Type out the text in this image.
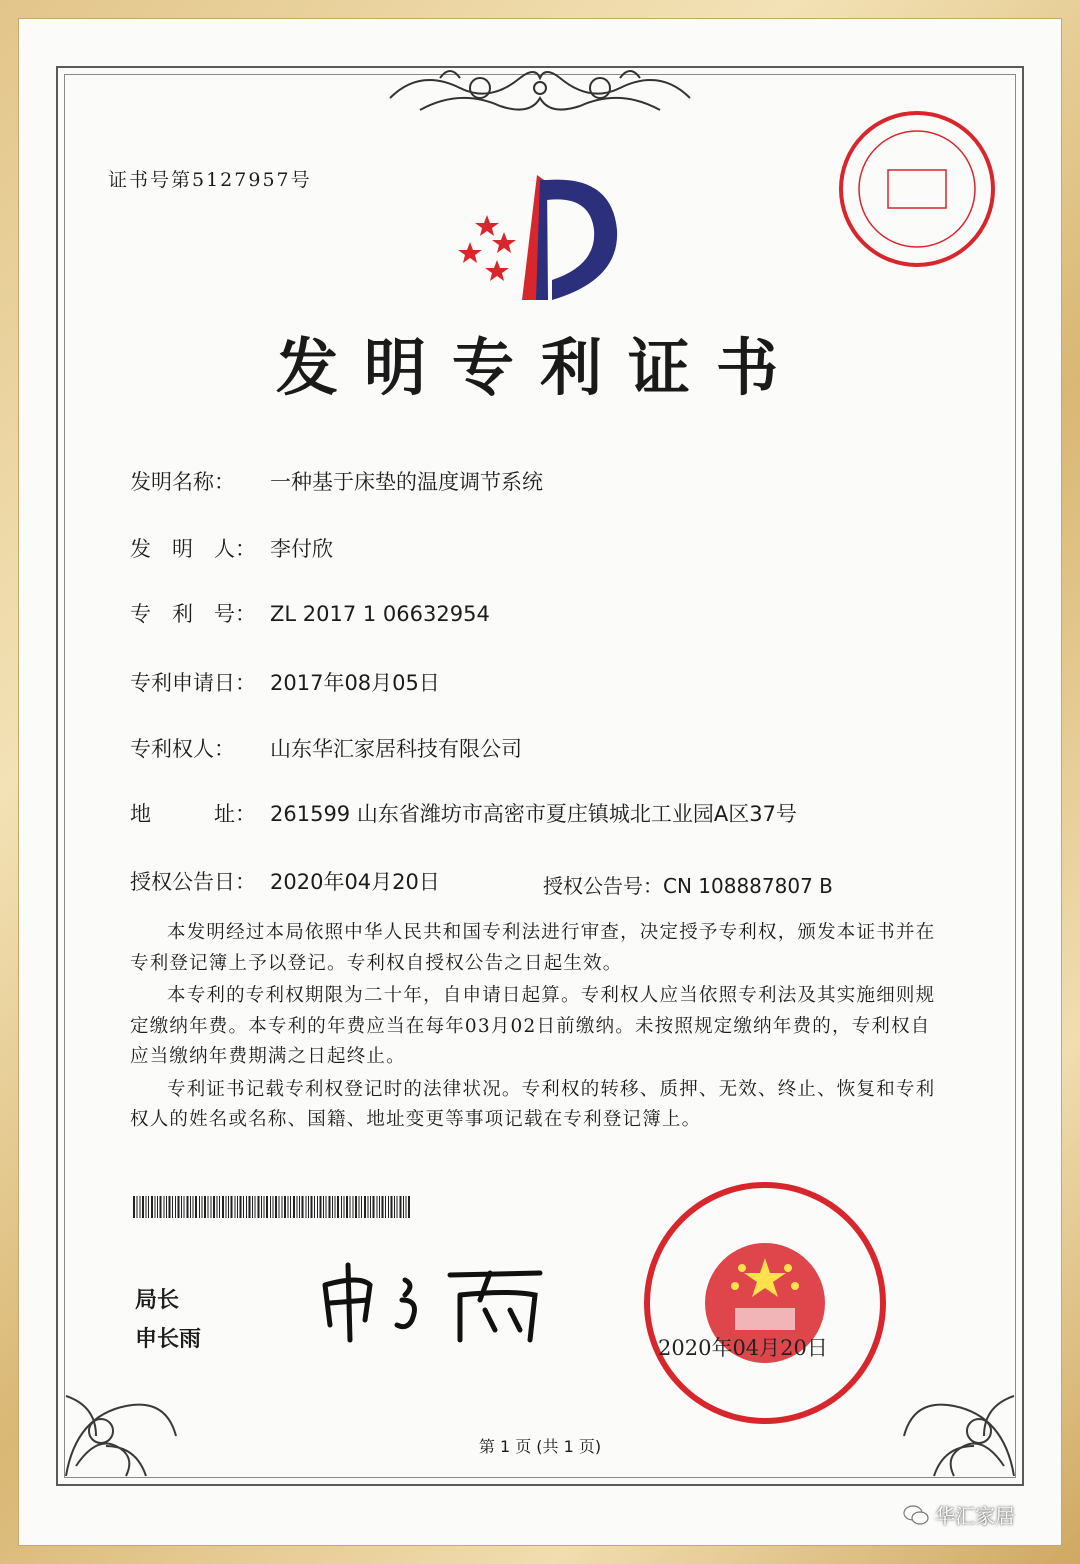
证书号第5127957号
发明专利证书
发明名称： 一种基于床垫的温度调节系统
发　明　人： 李付欣
专　利　号： ZL 2017 1 06632954
专利申请日： 2017年08月05日
专利权人： 山东华汇家居科技有限公司
地　　　址： 261599 山东省潍坊市高密市夏庄镇城北工业园A区37号
授权公告日： 2020年04月20日	授权公告号：CN 108887807 B

本发明经过本局依照中华人民共和国专利法进行审查，决定授予专利权，颁发本证书并在专利登记簿上予以登记。专利权自授权公告之日起生效。

本专利的专利权期限为二十年，自申请日起算。专利权人应当依照专利法及其实施细则规定缴纳年费。本专利的年费应当在每年03月02日前缴纳。未按照规定缴纳年费的，专利权自应当缴纳年费期满之日起终止。

专利证书记载专利权登记时的法律状况。专利权的转移、质押、无效、终止、恢复和专利权人的姓名或名称、国籍、地址变更等事项记载在专利登记簿上。

局长
申长雨	2020年04月20日
第 1 页 (共 1 页)
华汇家居
